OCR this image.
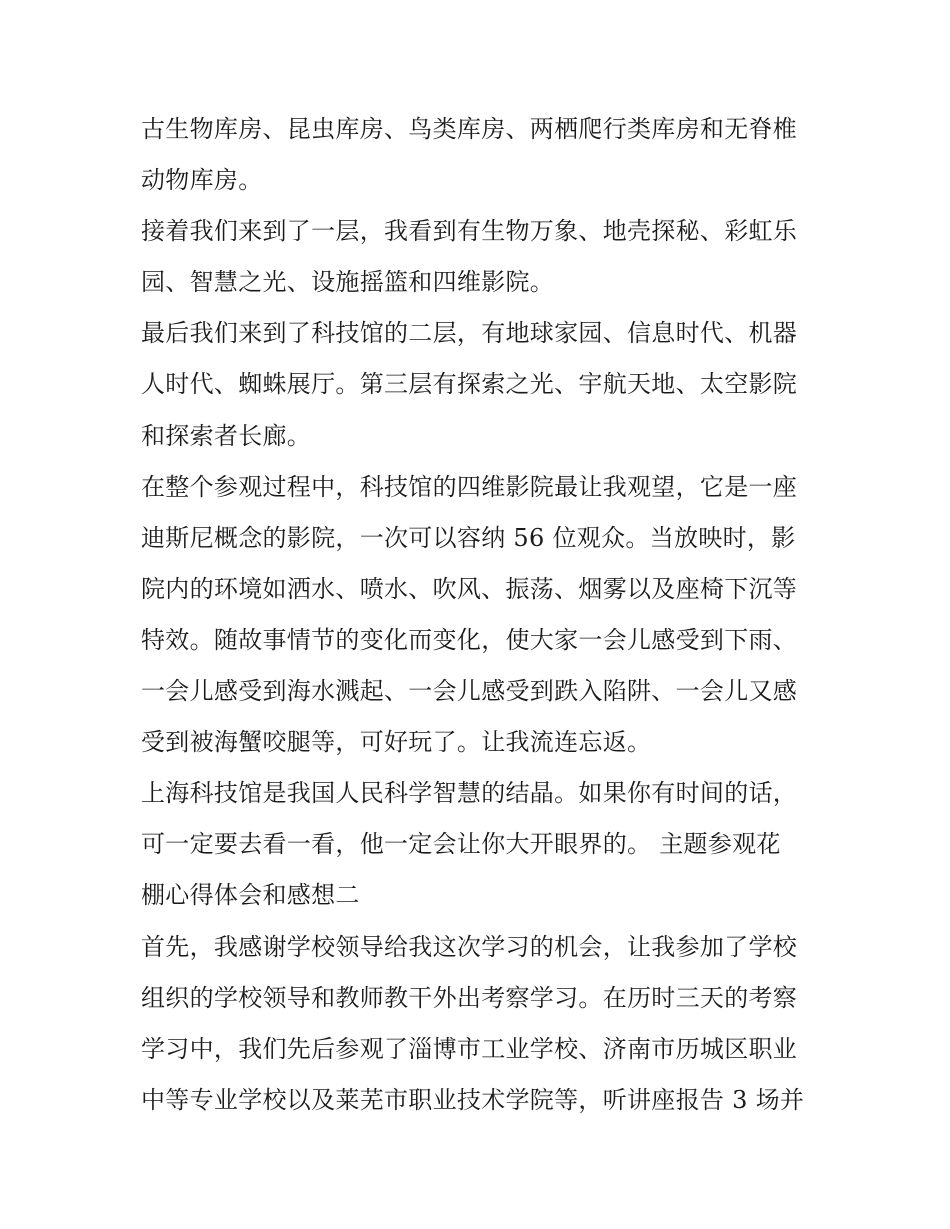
古生物库房、昆虫库房、鸟类库房、两栖爬行类库房和无脊椎
动物库房。
接着我们来到了一层，我看到有生物万象、地壳探秘、彩虹乐
园、智慧之光、设施摇篮和四维影院。
最后我们来到了科技馆的二层，有地球家园、信息时代、机器
人时代、蜘蛛展厅。第三层有探索之光、宇航天地、太空影院
和探索者长廊。
在整个参观过程中，科技馆的四维影院最让我观望，它是一座
迪斯尼概念的影院，一次可以容纳 56 位观众。当放映时，影
院内的环境如洒水、喷水、吹风、振荡、烟雾以及座椅下沉等
特效。随故事情节的变化而变化，使大家一会儿感受到下雨、
一会儿感受到海水溅起、一会儿感受到跌入陷阱、一会儿又感
受到被海蟹咬腿等，可好玩了。让我流连忘返。
上海科技馆是我国人民科学智慧的结晶。如果你有时间的话，
可一定要去看一看，他一定会让你大开眼界的。 主题参观花
棚心得体会和感想二
首先，我感谢学校领导给我这次学习的机会，让我参加了学校
组织的学校领导和教师教干外出考察学习。在历时三天的考察
学习中，我们先后参观了淄博市工业学校、济南市历城区职业
中等专业学校以及莱芜市职业技术学院等，听讲座报告 3 场并
